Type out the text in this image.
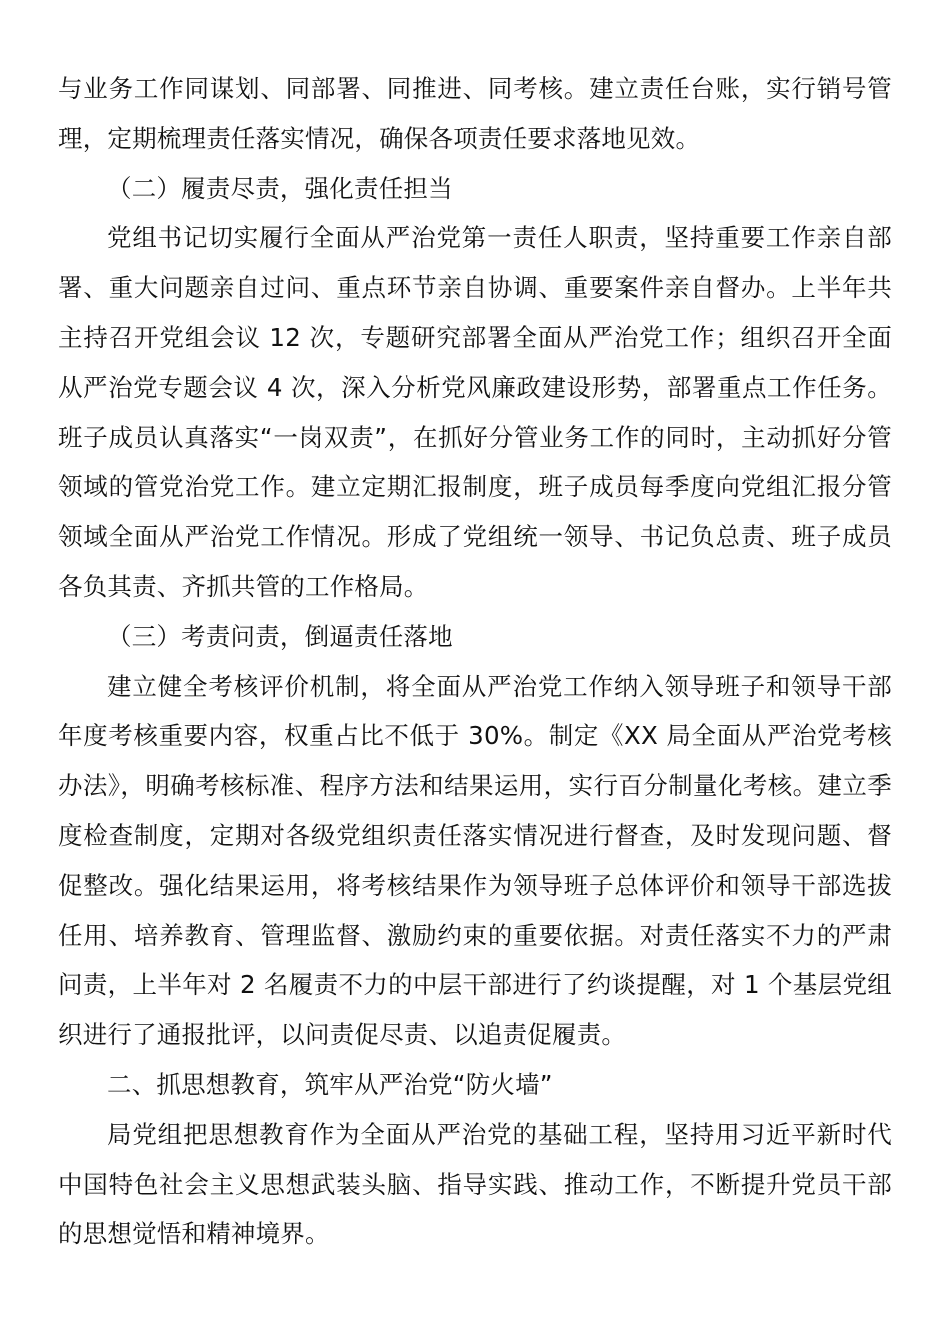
与业务工作同谋划、同部署、同推进、同考核。建立责任台账，实行销号管理，定期梳理责任落实情况，确保各项责任要求落地见效。

（二）履责尽责，强化责任担当

党组书记切实履行全面从严治党第一责任人职责，坚持重要工作亲自部署、重大问题亲自过问、重点环节亲自协调、重要案件亲自督办。上半年共主持召开党组会议 12 次，专题研究部署全面从严治党工作；组织召开全面从严治党专题会议 4 次，深入分析党风廉政建设形势，部署重点工作任务。班子成员认真落实“一岗双责”，在抓好分管业务工作的同时，主动抓好分管领域的管党治党工作。建立定期汇报制度，班子成员每季度向党组汇报分管领域全面从严治党工作情况。形成了党组统一领导、书记负总责、班子成员各负其责、齐抓共管的工作格局。

（三）考责问责，倒逼责任落地

建立健全考核评价机制，将全面从严治党工作纳入领导班子和领导干部年度考核重要内容，权重占比不低于 30%。制定《XX 局全面从严治党考核办法》，明确考核标准、程序方法和结果运用，实行百分制量化考核。建立季度检查制度，定期对各级党组织责任落实情况进行督查，及时发现问题、督促整改。强化结果运用，将考核结果作为领导班子总体评价和领导干部选拔任用、培养教育、管理监督、激励约束的重要依据。对责任落实不力的严肃问责，上半年对 2 名履责不力的中层干部进行了约谈提醒，对 1 个基层党组织进行了通报批评，以问责促尽责、以追责促履责。

二、抓思想教育，筑牢从严治党“防火墙”

局党组把思想教育作为全面从严治党的基础工程，坚持用习近平新时代中国特色社会主义思想武装头脑、指导实践、推动工作，不断提升党员干部的思想觉悟和精神境界。
